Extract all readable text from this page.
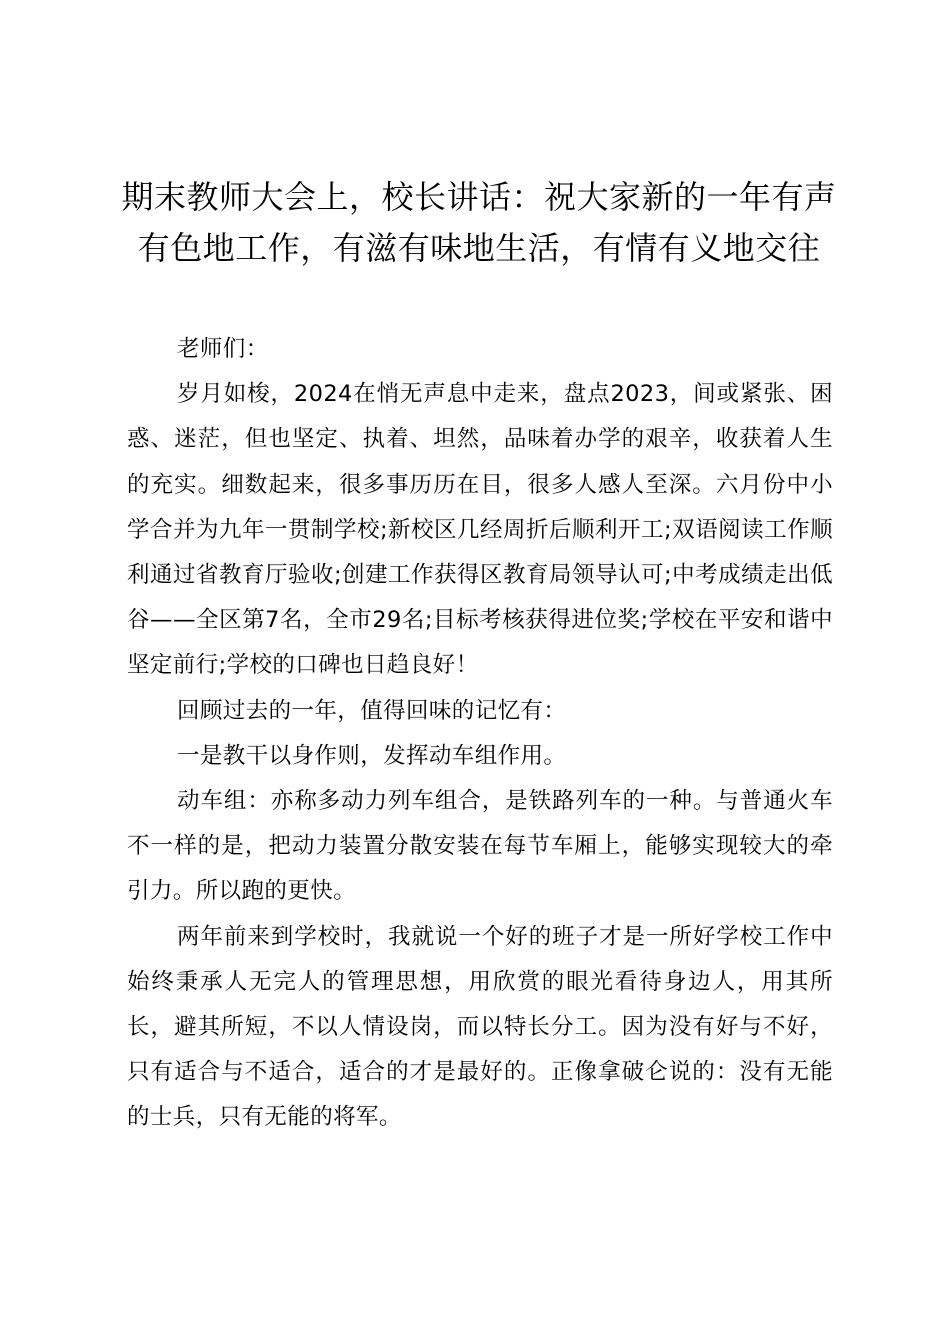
期末教师大会上，校长讲话：祝大家新的一年有声有色地工作，有滋有味地生活，有情有义地交往

老师们：

岁月如梭，2024在悄无声息中走来，盘点2023，间或紧张、困惑、迷茫，但也坚定、执着、坦然，品味着办学的艰辛，收获着人生的充实。细数起来，很多事历历在目，很多人感人至深。六月份中小学合并为九年一贯制学校;新校区几经周折后顺利开工;双语阅读工作顺利通过省教育厅验收;创建工作获得区教育局领导认可;中考成绩走出低谷——全区第7名，全市29名;目标考核获得进位奖;学校在平安和谐中坚定前行;学校的口碑也日趋良好！

回顾过去的一年，值得回味的记忆有：

一是教干以身作则，发挥动车组作用。

动车组：亦称多动力列车组合，是铁路列车的一种。与普通火车不一样的是，把动力装置分散安装在每节车厢上，能够实现较大的牵引力。所以跑的更快。

两年前来到学校时，我就说一个好的班子才是一所好学校工作中始终秉承人无完人的管理思想，用欣赏的眼光看待身边人，用其所长，避其所短，不以人情设岗，而以特长分工。因为没有好与不好，只有适合与不适合，适合的才是最好的。正像拿破仑说的：没有无能的士兵，只有无能的将军。
